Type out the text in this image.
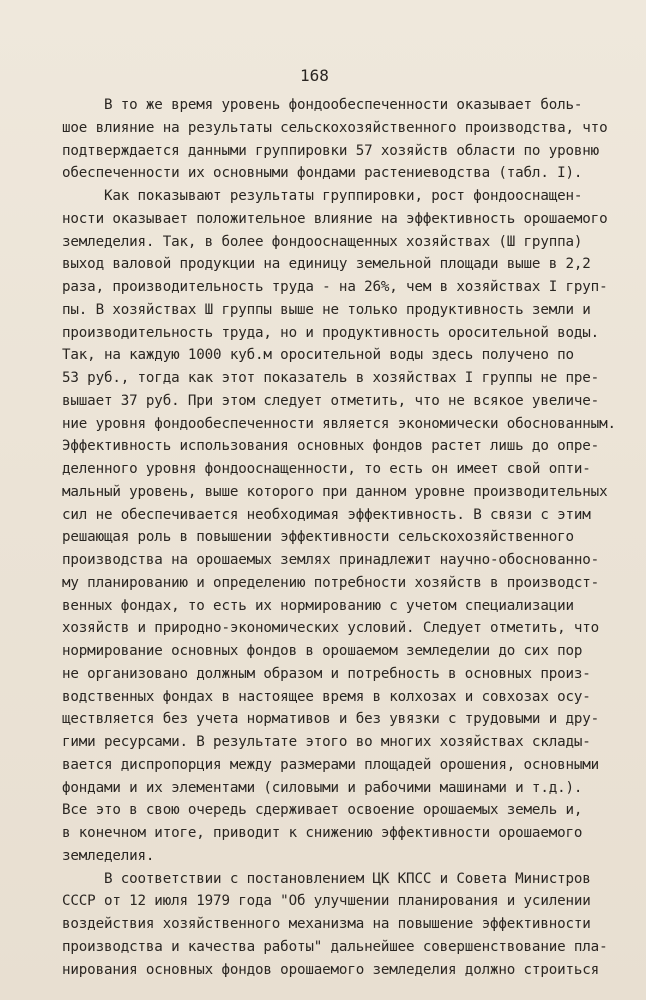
168
В то же время уровень фондообеспеченности оказывает боль-
шое влияние на результаты сельскохозяйственного производства, что
подтверждается данными группировки 57 хозяйств области по уровню
обеспеченности их основными фондами растениеводства (табл. I).
Как показывают результаты группировки, рост фондооснащен-
ности оказывает положительное влияние на эффективность орошаемого
земледелия. Так, в более фондооснащенных хозяйствах (Ш группа)
выход валовой продукции на единицу земельной площади выше в 2,2
раза, производительность труда - на 26%, чем в хозяйствах I груп-
пы. В хозяйствах Ш группы выше не только продуктивность земли и
производительность труда, но и продуктивность оросительной воды.
Так, на каждую 1000 куб.м оросительной воды здесь получено по
53 руб., тогда как этот показатель в хозяйствах I группы не пре-
вышает 37 руб. При этом следует отметить, что не всякое увеличе-
ние уровня фондообеспеченности является экономически обоснованным.
Эффективность использования основных фондов растет лишь до опре-
деленного уровня фондооснащенности, то есть он имеет свой опти-
мальный уровень, выше которого при данном уровне производительных
сил не обеспечивается необходимая эффективность. В связи с этим
решающая роль в повышении эффективности сельскохозяйственного
производства на орошаемых землях принадлежит научно-обоснованно-
му планированию и определению потребности хозяйств в производст-
венных фондах, то есть их нормированию с учетом специализации
хозяйств и природно-экономических условий. Следует отметить, что
нормирование основных фондов в орошаемом земледелии до сих пор
не организовано должным образом и потребность в основных произ-
водственных фондах в настоящее время в колхозах и совхозах осу-
ществляется без учета нормативов и без увязки с трудовыми и дру-
гими ресурсами. В результате этого во многих хозяйствах склады-
вается диспропорция между размерами площадей орошения, основными
фондами и их элементами (силовыми и рабочими машинами и т.д.).
Все это в свою очередь сдерживает освоение орошаемых земель и,
в конечном итоге, приводит к снижению эффективности орошаемого
земледелия.
В соответствии с постановлением ЦК КПСС и Совета Министров
СССР от 12 июля 1979 года "Об улучшении планирования и усилении
воздействия хозяйственного механизма на повышение эффективности
производства и качества работы" дальнейшее совершенствование пла-
нирования основных фондов орошаемого земледелия должно строиться
